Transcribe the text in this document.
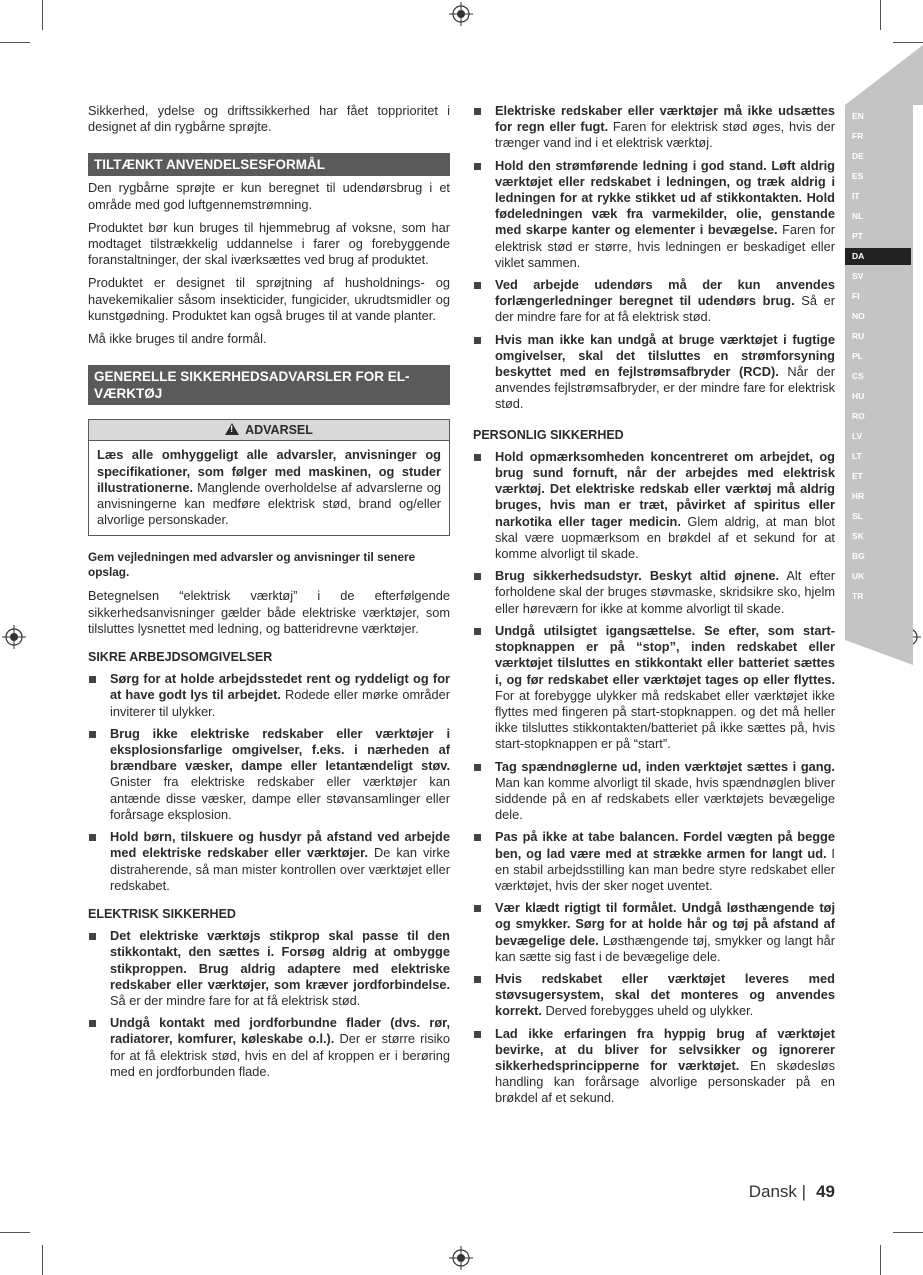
EN
FR
DE
ES
IT
NL
PT
DA
SV
FI
NO
RU
PL
CS
HU
RO
LV
LT
ET
HR
SL
SK
BG
UK
TR

Sikkerhed, ydelse og driftssikkerhed har fået topprioritet i designet af din rygbårne sprøjte.

TILTÆNKT ANVENDELSESFORMÅL

Den rygbårne sprøjte er kun beregnet til udendørsbrug i et område med god luftgennemstrømning.

Produktet bør kun bruges til hjemmebrug af voksne, som har modtaget tilstrækkelig uddannelse i farer og forebyggende foranstaltninger, der skal iværksættes ved brug af produktet.

Produktet er designet til sprøjtning af husholdnings- og havekemikalier såsom insekticider, fungicider, ukrudtsmidler og kunstgødning. Produktet kan også bruges til at vande planter.

Må ikke bruges til andre formål.

GENERELLE SIKKERHEDSADVARSLER FOR EL-VÆRKTØJ
! ADVARSEL
Læs alle omhyggeligt alle advarsler, anvisninger og specifikationer, som følger med maskinen, og studer illustrationerne. Manglende overholdelse af advarslerne og anvisningerne kan medføre elektrisk stød, brand og/eller alvorlige personskader.

Gem vejledningen med advarsler og anvisninger til senere opslag.

Betegnelsen “elektrisk værktøj” i de efterfølgende sikkerhedsanvisninger gælder både elektriske værktøjer, som tilsluttes lysnettet med ledning, og batteridrevne værktøjer.

SIKRE ARBEJDSOMGIVELSER
Sørg for at holde arbejdsstedet rent og ryddeligt og for at have godt lys til arbejdet. Rodede eller mørke områder inviterer til ulykker.
Brug ikke elektriske redskaber eller værktøjer i eksplosionsfarlige omgivelser, f.eks. i nærheden af brændbare væsker, dampe eller letantændeligt støv. Gnister fra elektriske redskaber eller værktøjer kan antænde disse væsker, dampe eller støvansamlinger eller forårsage eksplosion.
Hold børn, tilskuere og husdyr på afstand ved arbejde med elektriske redskaber eller værktøjer. De kan virke distraherende, så man mister kontrollen over værktøjet eller redskabet.
ELEKTRISK SIKKERHED
Det elektriske værktøjs stikprop skal passe til den stikkontakt, den sættes i. Forsøg aldrig at ombygge stikproppen. Brug aldrig adaptere med elektriske redskaber eller værktøjer, som kræver jordforbindelse. Så er der mindre fare for at få elektrisk stød.
Undgå kontakt med jordforbundne flader (dvs. rør, radiatorer, komfurer, køleskabe o.l.). Der er større risiko for at få elektrisk stød, hvis en del af kroppen er i berøring med en jordforbunden flade.
Elektriske redskaber eller værktøjer må ikke udsættes for regn eller fugt. Faren for elektrisk stød øges, hvis der trænger vand ind i et elektrisk værktøj.
Hold den strømførende ledning i god stand. Løft aldrig værktøjet eller redskabet i ledningen, og træk aldrig i ledningen for at rykke stikket ud af stikkontakten. Hold fødeledningen væk fra varmekilder, olie, genstande med skarpe kanter og elementer i bevægelse. Faren for elektrisk stød er større, hvis ledningen er beskadiget eller viklet sammen.
Ved arbejde udendørs må der kun anvendes forlængerledninger beregnet til udendørs brug. Så er der mindre fare for at få elektrisk stød.
Hvis man ikke kan undgå at bruge værktøjet i fugtige omgivelser, skal det tilsluttes en strømforsyning beskyttet med en fejlstrømsafbryder (RCD). Når der anvendes fejlstrømsafbryder, er der mindre fare for elektrisk stød.
PERSONLIG SIKKERHED
Hold opmærksomheden koncentreret om arbejdet, og brug sund fornuft, når der arbejdes med elektrisk værktøj. Det elektriske redskab eller værktøj må aldrig bruges, hvis man er træt, påvirket af spiritus eller narkotika eller tager medicin. Glem aldrig, at man blot skal være uopmærksom en brøkdel af et sekund for at komme alvorligt til skade.
Brug sikkerhedsudstyr. Beskyt altid øjnene. Alt efter forholdene skal der bruges støvmaske, skridsikre sko, hjelm eller høreværn for ikke at komme alvorligt til skade.
Undgå utilsigtet igangsættelse. Se efter, som start-stopknappen er på “stop”, inden redskabet eller værktøjet tilsluttes en stikkontakt eller batteriet sættes i, og før redskabet eller værktøjet tages op eller flyttes. For at forebygge ulykker må redskabet eller værktøjet ikke flyttes med fingeren på start-stopknappen. og det må heller ikke tilsluttes stikkontakten/batteriet på ikke sættes på, hvis start-stopknappen er på “start”.
Tag spændnøglerne ud, inden værktøjet sættes i gang. Man kan komme alvorligt til skade, hvis spændnøglen bliver siddende på en af redskabets eller værktøjets bevægelige dele.
Pas på ikke at tabe balancen. Fordel vægten på begge ben, og lad være med at strække armen for langt ud. I en stabil arbejdsstilling kan man bedre styre redskabet eller værktøjet, hvis der sker noget uventet.
Vær klædt rigtigt til formålet. Undgå løsthængende tøj og smykker. Sørg for at holde hår og tøj på afstand af bevægelige dele. Løsthængende tøj, smykker og langt hår kan sætte sig fast i de bevægelige dele.
Hvis redskabet eller værktøjet leveres med støvsugersystem, skal det monteres og anvendes korrekt. Derved forebygges uheld og ulykker.
Lad ikke erfaringen fra hyppig brug af værktøjet bevirke, at du bliver for selvsikker og ignorerer sikkerhedsprincipperne for værktøjet. En skødesløs handling kan forårsage alvorlige personskader på en brøkdel af et sekund.
Dansk | 49
